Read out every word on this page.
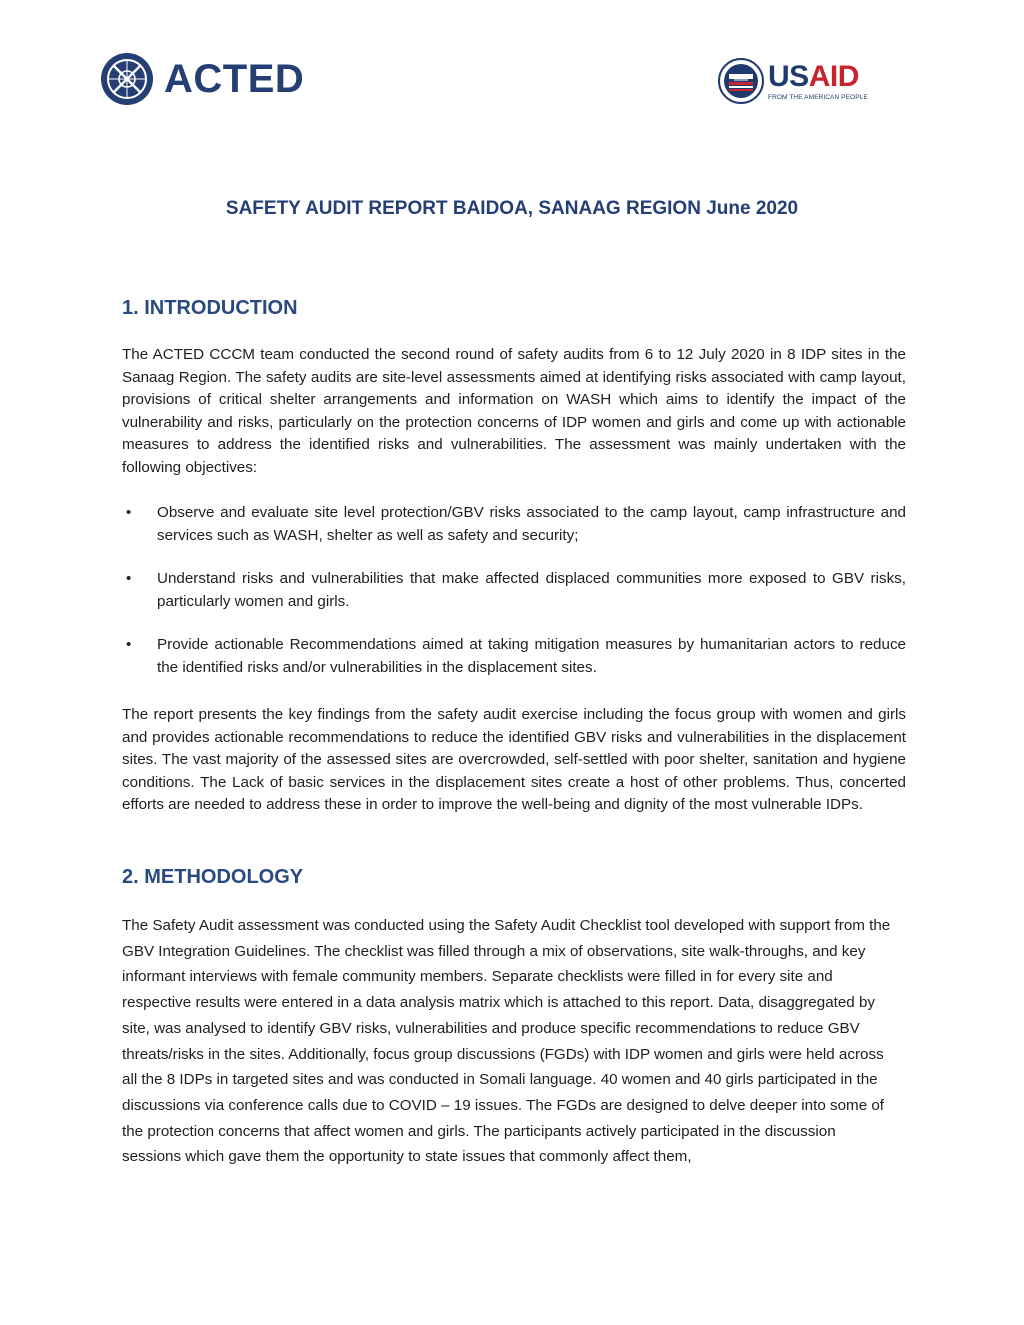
ACTED	USAID
FROM THE AMERICAN PEOPLE
SAFETY AUDIT REPORT BAIDOA, SANAAG REGION June 2020
1. INTRODUCTION
The ACTED CCCM team conducted the second round of safety audits from 6 to 12 July 2020 in 8 IDP sites in the Sanaag Region. The safety audits are site-level assessments aimed at identifying risks associated with camp layout, provisions of critical shelter arrangements and information on WASH which aims to identify the impact of the vulnerability and risks, particularly on the protection concerns of IDP women and girls and come up with actionable measures to address the identified risks and vulnerabilities. The assessment was mainly undertaken with the following objectives:
• Observe and evaluate site level protection/GBV risks associated to the camp layout, camp infrastructure and services such as WASH, shelter as well as safety and security;
• Understand risks and vulnerabilities that make affected displaced communities more exposed to GBV risks, particularly women and girls.
• Provide actionable Recommendations aimed at taking mitigation measures by humanitarian actors to reduce the identified risks and/or vulnerabilities in the displacement sites.
The report presents the key findings from the safety audit exercise including the focus group with women and girls and provides actionable recommendations to reduce the identified GBV risks and vulnerabilities in the displacement sites. The vast majority of the assessed sites are overcrowded, self-settled with poor shelter, sanitation and hygiene conditions. The Lack of basic services in the displacement sites create a host of other problems. Thus, concerted efforts are needed to address these in order to improve the well-being and dignity of the most vulnerable IDPs.
2. METHODOLOGY
The Safety Audit assessment was conducted using the Safety Audit Checklist tool developed with support from the GBV Integration Guidelines. The checklist was filled through a mix of observations, site walk-throughs, and key informant interviews with female community members. Separate checklists were filled in for every site and respective results were entered in a data analysis matrix which is attached to this report. Data, disaggregated by site, was analysed to identify GBV risks, vulnerabilities and produce specific recommendations to reduce GBV threats/risks in the sites. Additionally, focus group discussions (FGDs) with IDP women and girls were held across all the 8 IDPs in targeted sites and was conducted in Somali language. 40 women and 40 girls participated in the discussions via conference calls due to COVID – 19 issues. The FGDs are designed to delve deeper into some of the protection concerns that affect women and girls. The participants actively participated in the discussion sessions which gave them the opportunity to state issues that commonly affect them,
